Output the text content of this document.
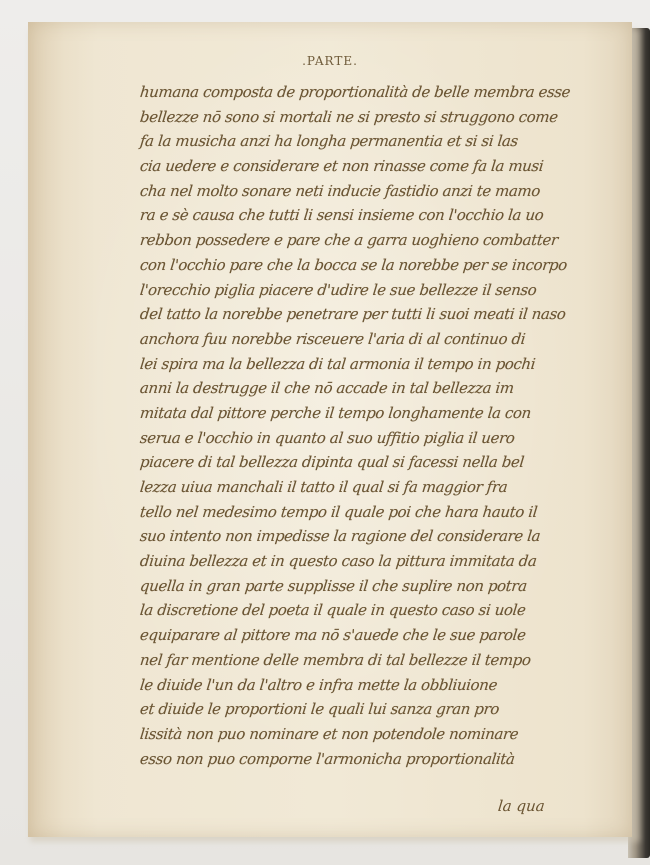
.PARTE.
humana composta de proportionalità de belle membra esse
bellezze nō sono si mortali ne si presto si struggono come
fa la musicha anzi ha longha permanentia et si si las
cia uedere e considerare et non rinasse come fa la musi
cha nel molto sonare neti inducie fastidio anzi te mamo
ra e sè causa che tutti li sensi insieme con l'occhio la uo
rebbon possedere e pare che a garra uoghieno combatter
con l'occhio pare che la bocca se la norebbe per se incorpo
l'orecchio piglia piacere d'udire le sue bellezze il senso
del tatto la norebbe penetrare per tutti li suoi meati il naso
anchora fuu norebbe risceuere l'aria di al continuo di
lei spira ma la bellezza di tal armonia il tempo in pochi
anni la destrugge il che nō accade in tal bellezza im
mitata dal pittore perche il tempo longhamente la con
serua e l'occhio in quanto al suo uffitio piglia il uero
piacere di tal bellezza dipinta qual si facessi nella bel
lezza uiua manchali il tatto il qual si fa maggior fra
tello nel medesimo tempo il quale poi che hara hauto il
suo intento non impedisse la ragione del considerare la
diuina bellezza et in questo caso la pittura immitata da
quella in gran parte supplisse il che suplire non potra
la discretione del poeta il quale in questo caso si uole
equiparare al pittore ma nō s'auede che le sue parole
nel far mentione delle membra di tal bellezze il tempo
le diuide l'un da l'altro e infra mette la obbliuione
et diuide le proportioni le quali lui sanza gran pro
lissità non puo nominare et non potendole nominare
esso non puo comporne l'armonicha proportionalità
la qua
